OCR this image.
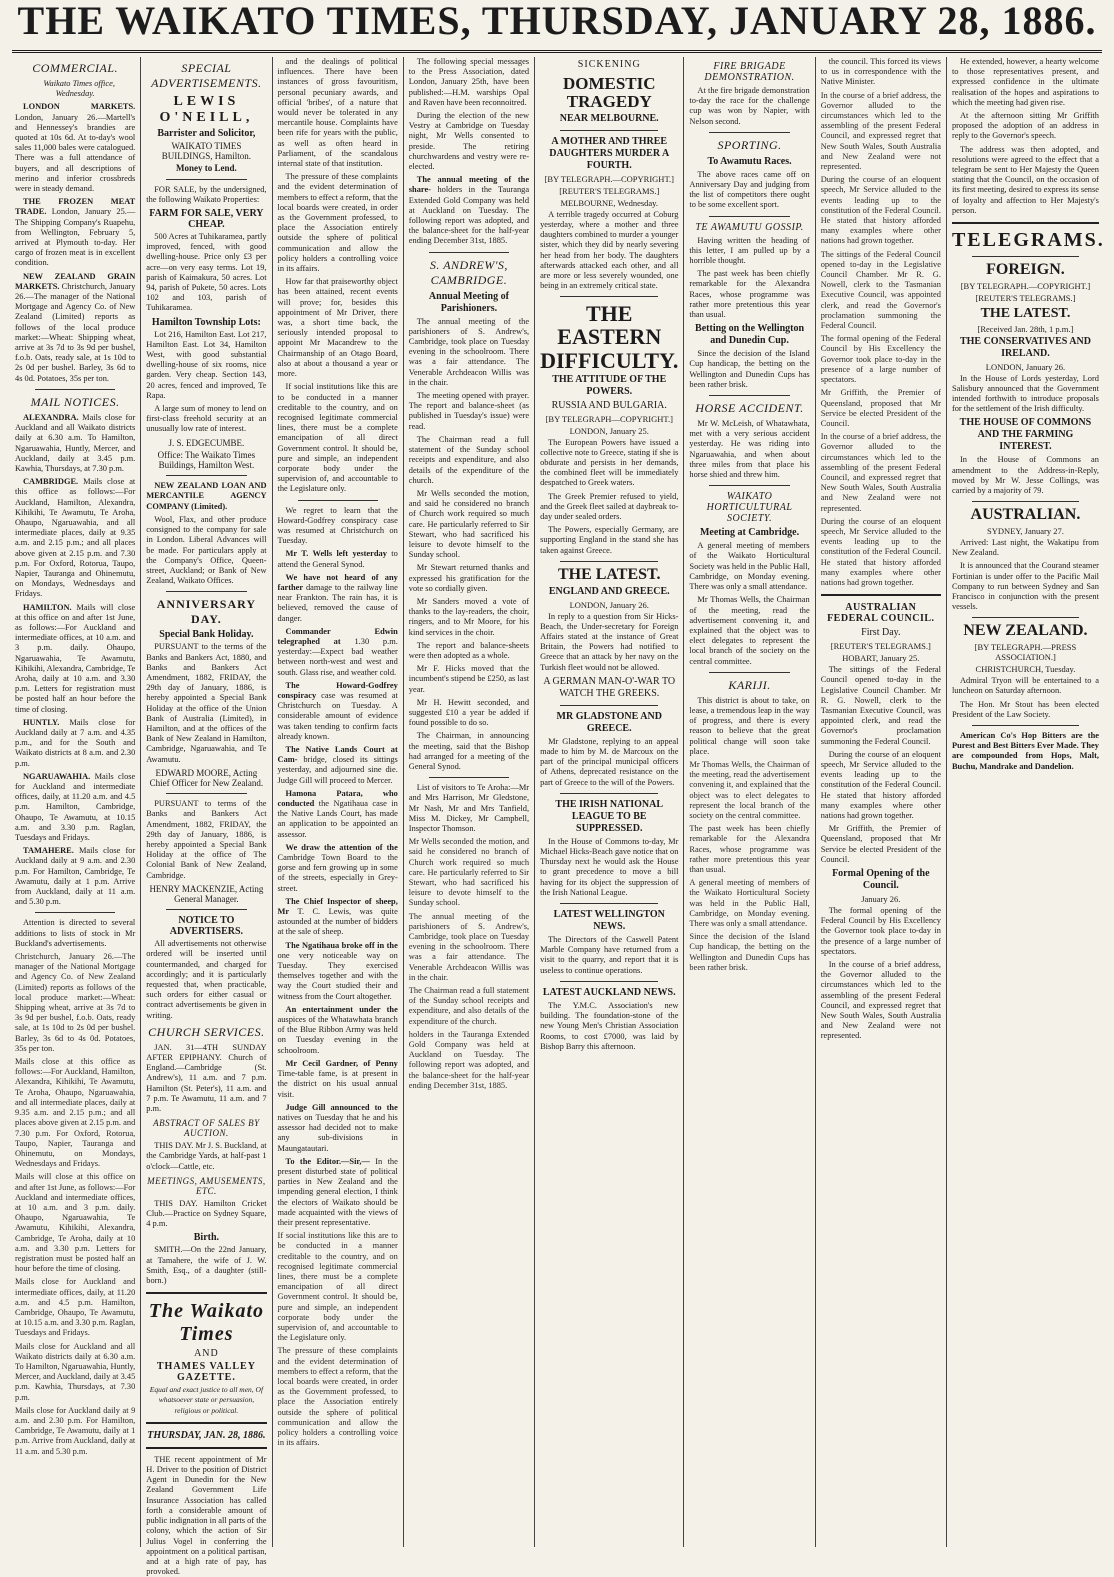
THE WAIKATO TIMES, THURSDAY, JANUARY 28, 1886.
COMMERCIAL.

Waikato Times office, Wednesday.

LONDON MARKETS. London, January 26.—Martell's and Hennessey's brandies are quoted at 10s 6d. At to-day's wool sales 11,000 bales were catalogued. There was a full attendance of buyers, and all descriptions of merino and inferior crossbreds were in steady demand.

THE FROZEN MEAT TRADE. London, January 25.—The Shipping Company's Ruapehu, from Wellington, February 5, arrived at Plymouth to-day. Her cargo of frozen meat is in excellent condition.

NEW ZEALAND GRAIN MARKETS. Christchurch, January 26.—The manager of the National Mortgage and Agency Co. of New Zealand (Limited) reports as follows of the local produce market:—Wheat: Shipping wheat, arrive at 3s 7d to 3s 9d per bushel, f.o.b. Oats, ready sale, at 1s 10d to 2s 0d per bushel. Barley, 3s 6d to 4s 0d. Potatoes, 35s per ton.

MAIL NOTICES.

ALEXANDRA. Mails close for Auckland and all Waikato districts daily at 6.30 a.m. To Hamilton, Ngaruawahia, Huntly, Mercer, and Auckland, daily at 3.45 p.m. Kawhia, Thursdays, at 7.30 p.m.

CAMBRIDGE. Mails close at this office as follows:—For Auckland, Hamilton, Alexandra, Kihikihi, Te Awamutu, Te Aroha, Ohaupo, Ngaruawahia, and all intermediate places, daily at 9.35 a.m. and 2.15 p.m.; and all places above given at 2.15 p.m. and 7.30 p.m. For Oxford, Rotorua, Taupo, Napier, Tauranga and Ohinemutu, on Mondays, Wednesdays and Fridays.

HAMILTON. Mails will close at this office on and after 1st June, as follows:—For Auckland and intermediate offices, at 10 a.m. and 3 p.m. daily. Ohaupo, Ngaruawahia, Te Awamutu, Kihikihi, Alexandra, Cambridge, Te Aroha, daily at 10 a.m. and 3.30 p.m. Letters for registration must be posted half an hour before the time of closing.

HUNTLY. Mails close for Auckland daily at 7 a.m. and 4.35 p.m., and for the South and Waikato districts at 8 a.m. and 2.30 p.m.

NGARUAWAHIA. Mails close for Auckland and intermediate offices, daily, at 11.20 a.m. and 4.5 p.m. Hamilton, Cambridge, Ohaupo, Te Awamutu, at 10.15 a.m. and 3.30 p.m. Raglan, Tuesdays and Fridays.

TAMAHERE. Mails close for Auckland daily at 9 a.m. and 2.30 p.m. For Hamilton, Cambridge, Te Awamutu, daily at 1 p.m. Arrive from Auckland, daily at 11 a.m. and 5.30 p.m.

Attention is directed to several additions to lists of stock in Mr Buckland's advertisements.

Christchurch, January 26.—The manager of the National Mortgage and Agency Co. of New Zealand (Limited) reports as follows of the local produce market:—Wheat: Shipping wheat, arrive at 3s 7d to 3s 9d per bushel, f.o.b. Oats, ready sale, at 1s 10d to 2s 0d per bushel. Barley, 3s 6d to 4s 0d. Potatoes, 35s per ton.

Mails close at this office as follows:—For Auckland, Hamilton, Alexandra, Kihikihi, Te Awamutu, Te Aroha, Ohaupo, Ngaruawahia, and all intermediate places, daily at 9.35 a.m. and 2.15 p.m.; and all places above given at 2.15 p.m. and 7.30 p.m. For Oxford, Rotorua, Taupo, Napier, Tauranga and Ohinemutu, on Mondays, Wednesdays and Fridays.

Mails will close at this office on and after 1st June, as follows:—For Auckland and intermediate offices, at 10 a.m. and 3 p.m. daily. Ohaupo, Ngaruawahia, Te Awamutu, Kihikihi, Alexandra, Cambridge, Te Aroha, daily at 10 a.m. and 3.30 p.m. Letters for registration must be posted half an hour before the time of closing.

Mails close for Auckland and intermediate offices, daily, at 11.20 a.m. and 4.5 p.m. Hamilton, Cambridge, Ohaupo, Te Awamutu, at 10.15 a.m. and 3.30 p.m. Raglan, Tuesdays and Fridays.

Mails close for Auckland and all Waikato districts daily at 6.30 a.m. To Hamilton, Ngaruawahia, Huntly, Mercer, and Auckland, daily at 3.45 p.m. Kawhia, Thursdays, at 7.30 p.m.

Mails close for Auckland daily at 9 a.m. and 2.30 p.m. For Hamilton, Cambridge, Te Awamutu, daily at 1 p.m. Arrive from Auckland, daily at 11 a.m. and 5.30 p.m.

SPECIAL ADVERTISEMENTS.
LEWIS O'NEILL,
Barrister and Solicitor,

WAIKATO TIMES BUILDINGS, Hamilton.

Money to Lend.

FOR SALE, by the undersigned, the following Waikato Properties:

FARM FOR SALE, VERY CHEAP.

500 Acres at Tuhikaramea, partly improved, fenced, with good dwelling-house. Price only £3 per acre—on very easy terms. Lot 19, parish of Kaimakura, 50 acres. Lot 94, parish of Pukete, 50 acres. Lots 102 and 103, parish of Tuhikaramea.

Hamilton Township Lots:

Lot 216, Hamilton East. Lot 217, Hamilton East. Lot 34, Hamilton West, with good substantial dwelling-house of six rooms, nice garden. Very cheap. Section 143, 20 acres, fenced and improved, Te Rapa.

A large sum of money to lend on first-class freehold security at an unusually low rate of interest.

J. S. EDGECUMBE.

Office: The Waikato Times Buildings, Hamilton West.

NEW ZEALAND LOAN AND MERCANTILE AGENCY COMPANY (Limited).

Wool, Flax, and other produce consigned to the company for sale in London. Liberal Advances will be made. For particulars apply at the Company's Office, Queen-street, Auckland; or Bank of New Zealand, Waikato Offices.

ANNIVERSARY DAY.
Special Bank Holiday.

PURSUANT to the terms of the Banks and Bankers Act, 1880, and Banks and Bankers Act Amendment, 1882, FRIDAY, the 29th day of January, 1886, is hereby appointed a Special Bank Holiday at the office of the Union Bank of Australia (Limited), in Hamilton, and at the offices of the Bank of New Zealand in Hamilton, Cambridge, Ngaruawahia, and Te Awamutu.

EDWARD MOORE, Acting Chief Officer for New Zealand.

PURSUANT to terms of the Banks and Bankers Act Amendment, 1882, FRIDAY, the 29th day of January, 1886, is hereby appointed a Special Bank Holiday at the office of The Colonial Bank of New Zealand, Cambridge.

HENRY MACKENZIE, Acting General Manager.

NOTICE TO ADVERTISERS.

All advertisements not otherwise ordered will be inserted until countermanded, and charged for accordingly; and it is particularly requested that, when practicable, such orders for either casual or contract advertisements be given in writing.

CHURCH SERVICES.

JAN. 31—4TH SUNDAY AFTER EPIPHANY. Church of England.—Cambridge (St. Andrew's), 11 a.m. and 7 p.m. Hamilton (St. Peter's), 11 a.m. and 7 p.m. Te Awamutu, 11 a.m. and 7 p.m.

ABSTRACT OF SALES BY AUCTION.

THIS DAY. Mr J. S. Buckland, at the Cambridge Yards, at half-past 1 o'clock—Cattle, etc.

MEETINGS, AMUSEMENTS, ETC.

THIS DAY. Hamilton Cricket Club.—Practice on Sydney Square, 4 p.m.

Birth.

SMITH.—On the 22nd January, at Tamahere, the wife of J. W. Smith, Esq., of a daughter (still-born.)

The Waikato Times
AND
THAMES VALLEY GAZETTE.

Equal and exact justice to all men, Of whatsoever state or persuasion, religious or political.

THURSDAY, JAN. 28, 1886.

THE recent appointment of Mr H. Driver to the position of District Agent in Dunedin for the New Zealand Government Life Insurance Association has called forth a considerable amount of public indignation in all parts of the colony, which the action of Sir Julius Vogel in conferring the appointment on a political partisan, and at a high rate of pay, has provoked.

and the dealings of political influences. There have been instances of gross favouritism, personal pecuniary awards, and official 'bribes', of a nature that would never be tolerated in any mercantile house. Complaints have been rife for years with the public, as well as often heard in Parliament, of the scandalous internal state of that institution.

The pressure of these complaints and the evident determination of members to effect a reform, that the local boards were created, in order as the Government professed, to place the Association entirely outside the sphere of political communication and allow the policy holders a controlling voice in its affairs.

How far that praiseworthy object has been attained, recent events will prove; for, besides this appointment of Mr Driver, there was, a short time back, the seriously intended proposal to appoint Mr Macandrew to the Chairmanship of an Otago Board, also at about a thousand a year or more.

If social institutions like this are to be conducted in a manner creditable to the country, and on recognised legitimate commercial lines, there must be a complete emancipation of all direct Government control. It should be, pure and simple, an independent corporate body under the supervision of, and accountable to the Legislature only.

We regret to learn that the Howard-Godfrey conspiracy case was resumed at Christchurch on Tuesday.

Mr T. Wells left yesterday to attend the General Synod.

We have not heard of any farther damage to the railway line near Frankton. The rain has, it is believed, removed the cause of danger.

Commander Edwin telegraphed at 1.30 p.m. yesterday:—Expect bad weather between north-west and west and south. Glass rise, and weather cold.

The Howard-Godfrey conspiracy case was resumed at Christchurch on Tuesday. A considerable amount of evidence was taken tending to confirm facts already known.

The Native Lands Court at Cam- bridge, closed its sittings yesterday, and adjourned sine die. Judge Gill will proceed to Mercer.

Hamona Patara, who conducted the Ngatihaua case in the Native Lands Court, has made an application to be appointed an assessor.

We draw the attention of the Cambridge Town Board to the gorse and fern growing up in some of the streets, especially in Grey-street.

The Chief Inspector of sheep, Mr T. C. Lewis, was quite astounded at the number of bidders at the sale of sheep.

The Ngatihaua broke off in the one very noticeable way on Tuesday. They exercised themselves together and with the way the Court studied their and witness from the Court altogether.

An entertainment under the auspices of the Whatawhata branch of the Blue Ribbon Army was held on Tuesday evening in the schoolroom.

Mr Cecil Gardner, of Penny Time-table fame, is at present in the district on his usual annual visit.

Judge Gill announced to the natives on Tuesday that he and his assessor had decided not to make any sub-divisions in Maungatautari.

To the Editor.—Sir,— In the present disturbed state of political parties in New Zealand and the impending general election, I think the electors of Waikato should be made acquainted with the views of their present representative.

If social institutions like this are to be conducted in a manner creditable to the country, and on recognised legitimate commercial lines, there must be a complete emancipation of all direct Government control. It should be, pure and simple, an independent corporate body under the supervision of, and accountable to the Legislature only.

The pressure of these complaints and the evident determination of members to effect a reform, that the local boards were created, in order as the Government professed, to place the Association entirely outside the sphere of political communication and allow the policy holders a controlling voice in its affairs.

The following special messages to the Press Association, dated London, January 25th, have been published:—H.M. warships Opal and Raven have been reconnoitred.

During the election of the new Vestry at Cambridge on Tuesday night, Mr Wells consented to preside. The retiring churchwardens and vestry were re-elected.

The annual meeting of the share- holders in the Tauranga Extended Gold Company was held at Auckland on Tuesday. The following report was adopted, and the balance-sheet for the half-year ending December 31st, 1885.

S. ANDREW'S, CAMBRIDGE.
Annual Meeting of Parishioners.

The annual meeting of the parishioners of S. Andrew's, Cambridge, took place on Tuesday evening in the schoolroom. There was a fair attendance. The Venerable Archdeacon Willis was in the chair.

The meeting opened with prayer. The report and balance-sheet (as published in Tuesday's issue) were read.

The Chairman read a full statement of the Sunday school receipts and expenditure, and also details of the expenditure of the church.

Mr Wells seconded the motion, and said he considered no branch of Church work required so much care. He particularly referred to Sir Stewart, who had sacrificed his leisure to devote himself to the Sunday school.

Mr Stewart returned thanks and expressed his gratification for the vote so cordially given.

Mr Sanders moved a vote of thanks to the lay-readers, the choir, ringers, and to Mr Moore, for his kind services in the choir.

The report and balance-sheets were then adopted as a whole.

Mr F. Hicks moved that the incumbent's stipend be £250, as last year.

Mr H. Hewitt seconded, and suggested £10 a year be added if found possible to do so.

The Chairman, in announcing the meeting, said that the Bishop had arranged for a meeting of the General Synod.

List of visitors to Te Aroha:—Mr and Mrs Harrison, Mr Gledstone, Mr Nash, Mr and Mrs Tanfield, Miss M. Dickey, Mr Campbell, Inspector Thomson.

Mr Wells seconded the motion, and said he considered no branch of Church work required so much care. He particularly referred to Sir Stewart, who had sacrificed his leisure to devote himself to the Sunday school.

The annual meeting of the parishioners of S. Andrew's, Cambridge, took place on Tuesday evening in the schoolroom. There was a fair attendance. The Venerable Archdeacon Willis was in the chair.

The Chairman read a full statement of the Sunday school receipts and expenditure, and also details of the expenditure of the church.

holders in the Tauranga Extended Gold Company was held at Auckland on Tuesday. The following report was adopted, and the balance-sheet for the half-year ending December 31st, 1885.

SICKENING
DOMESTIC TRAGEDY
NEAR MELBOURNE.
A MOTHER AND THREE DAUGHTERS MURDER A FOURTH.

[BY TELEGRAPH.—COPYRIGHT.]

[REUTER'S TELEGRAMS.]

MELBOURNE, Wednesday.

A terrible tragedy occurred at Coburg yesterday, where a mother and three daughters combined to murder a younger sister, which they did by nearly severing her head from her body. The daughters afterwards attacked each other, and all are more or less severely wounded, one being in an extremely critical state.

THE EASTERN DIFFICULTY.
THE ATTITUDE OF THE POWERS.
RUSSIA AND BULGARIA.

[BY TELEGRAPH—COPYRIGHT.]

LONDON, January 25.

The European Powers have issued a collective note to Greece, stating if she is obdurate and persists in her demands, the combined fleet will be immediately despatched to Greek waters.

The Greek Premier refused to yield, and the Greek fleet sailed at daybreak to-day under sealed orders.

The Powers, especially Germany, are supporting England in the stand she has taken against Greece.

THE LATEST.
ENGLAND AND GREECE.

LONDON, January 26.

In reply to a question from Sir Hicks-Beach, the Under-secretary for Foreign Affairs stated at the instance of Great Britain, the Powers had notified to Greece that an attack by her navy on the Turkish fleet would not be allowed.

A GERMAN MAN-O'-WAR TO WATCH THE GREEKS.
MR GLADSTONE AND GREECE.

Mr Gladstone, replying to an appeal made to him by M. de Marcoux on the part of the principal municipal officers of Athens, deprecated resistance on the part of Greece to the will of the Powers.

THE IRISH NATIONAL LEAGUE TO BE SUPPRESSED.

In the House of Commons to-day, Mr Michael Hicks-Beach gave notice that on Thursday next he would ask the House to grant precedence to move a bill having for its object the suppression of the Irish National League.

LATEST WELLINGTON NEWS.

The Directors of the Caswell Patent Marble Company have returned from a visit to the quarry, and report that it is useless to continue operations.

LATEST AUCKLAND NEWS.

The Y.M.C. Association's new building. The foundation-stone of the new Young Men's Christian Association Rooms, to cost £7000, was laid by Bishop Barry this afternoon.

FIRE BRIGADE DEMONSTRATION.

At the fire brigade demonstration to-day the race for the challenge cup was won by Napier, with Nelson second.

SPORTING.
To Awamutu Races.

The above races came off on Anniversary Day and judging from the list of competitors there ought to be some excellent sport.

TE AWAMUTU GOSSIP.

Having written the heading of this letter, I am pulled up by a horrible thought.

The past week has been chiefly remarkable for the Alexandra Races, whose programme was rather more pretentious this year than usual.

Betting on the Wellington and Dunedin Cup.

Since the decision of the Island Cup handicap, the betting on the Wellington and Dunedin Cups has been rather brisk.

HORSE ACCIDENT.

Mr W. McLeish, of Whatawhata, met with a very serious accident yesterday. He was riding into Ngaruawahia, and when about three miles from that place his horse shied and threw him.

WAIKATO HORTICULTURAL SOCIETY.
Meeting at Cambridge.

A general meeting of members of the Waikato Horticultural Society was held in the Public Hall, Cambridge, on Monday evening. There was only a small attendance.

Mr Thomas Wells, the Chairman of the meeting, read the advertisement convening it, and explained that the object was to elect delegates to represent the local branch of the society on the central committee.

KARIJI.

This district is about to take, on lease, a tremendous leap in the way of progress, and there is every reason to believe that the great political change will soon take place.

Mr Thomas Wells, the Chairman of the meeting, read the advertisement convening it, and explained that the object was to elect delegates to represent the local branch of the society on the central committee.

The past week has been chiefly remarkable for the Alexandra Races, whose programme was rather more pretentious this year than usual.

A general meeting of members of the Waikato Horticultural Society was held in the Public Hall, Cambridge, on Monday evening. There was only a small attendance.

Since the decision of the Island Cup handicap, the betting on the Wellington and Dunedin Cups has been rather brisk.

the council. This forced its views to us in correspondence with the Native Minister.

In the course of a brief address, the Governor alluded to the circumstances which led to the assembling of the present Federal Council, and expressed regret that New South Wales, South Australia and New Zealand were not represented.

During the course of an eloquent speech, Mr Service alluded to the events leading up to the constitution of the Federal Council. He stated that history afforded many examples where other nations had grown together.

The sittings of the Federal Council opened to-day in the Legislative Council Chamber. Mr R. G. Nowell, clerk to the Tasmanian Executive Council, was appointed clerk, and read the Governor's proclamation summoning the Federal Council.

The formal opening of the Federal Council by His Excellency the Governor took place to-day in the presence of a large number of spectators.

Mr Griffith, the Premier of Queensland, proposed that Mr Service be elected President of the Council.

In the course of a brief address, the Governor alluded to the circumstances which led to the assembling of the present Federal Council, and expressed regret that New South Wales, South Australia and New Zealand were not represented.

During the course of an eloquent speech, Mr Service alluded to the events leading up to the constitution of the Federal Council. He stated that history afforded many examples where other nations had grown together.

AUSTRALIAN FEDERAL COUNCIL.
First Day.

[REUTER'S TELEGRAMS.]

HOBART, January 25.

The sittings of the Federal Council opened to-day in the Legislative Council Chamber. Mr R. G. Nowell, clerk to the Tasmanian Executive Council, was appointed clerk, and read the Governor's proclamation summoning the Federal Council.

During the course of an eloquent speech, Mr Service alluded to the events leading up to the constitution of the Federal Council. He stated that history afforded many examples where other nations had grown together.

Mr Griffith, the Premier of Queensland, proposed that Mr Service be elected President of the Council.

Formal Opening of the Council.

January 26.

The formal opening of the Federal Council by His Excellency the Governor took place to-day in the presence of a large number of spectators.

In the course of a brief address, the Governor alluded to the circumstances which led to the assembling of the present Federal Council, and expressed regret that New South Wales, South Australia and New Zealand were not represented.

He extended, however, a hearty welcome to those representatives present, and expressed confidence in the ultimate realisation of the hopes and aspirations to which the meeting had given rise.

At the afternoon sitting Mr Griffith proposed the adoption of an address in reply to the Governor's speech.

The address was then adopted, and resolutions were agreed to the effect that a telegram be sent to Her Majesty the Queen stating that the Council, on the occasion of its first meeting, desired to express its sense of loyalty and affection to Her Majesty's person.

TELEGRAMS.
FOREIGN.

[BY TELEGRAPH.—COPYRIGHT.]

[REUTER'S TELEGRAMS.]

THE LATEST.

[Received Jan. 28th, 1 p.m.]

THE CONSERVATIVES AND IRELAND.

LONDON, January 26.

In the House of Lords yesterday, Lord Salisbury announced that the Government intended forthwith to introduce proposals for the settlement of the Irish difficulty.

THE HOUSE OF COMMONS AND THE FARMING INTEREST.

In the House of Commons an amendment to the Address-in-Reply, moved by Mr W. Jesse Collings, was carried by a majority of 79.

AUSTRALIAN.

SYDNEY, January 27.

Arrived: Last night, the Wakatipu from New Zealand.

It is announced that the Courand steamer Fortinian is under offer to the Pacific Mail Company to run between Sydney and San Francisco in conjunction with the present vessels.

NEW ZEALAND.

[BY TELEGRAPH.—PRESS ASSOCIATION.]

CHRISTCHURCH, Tuesday.

Admiral Tryon will be entertained to a luncheon on Saturday afternoon.

The Hon. Mr Stout has been elected President of the Law Society.

American Co's Hop Bitters are the Purest and Best Bitters Ever Made. They are compounded from Hops, Malt, Buchu, Mandrake and Dandelion.
